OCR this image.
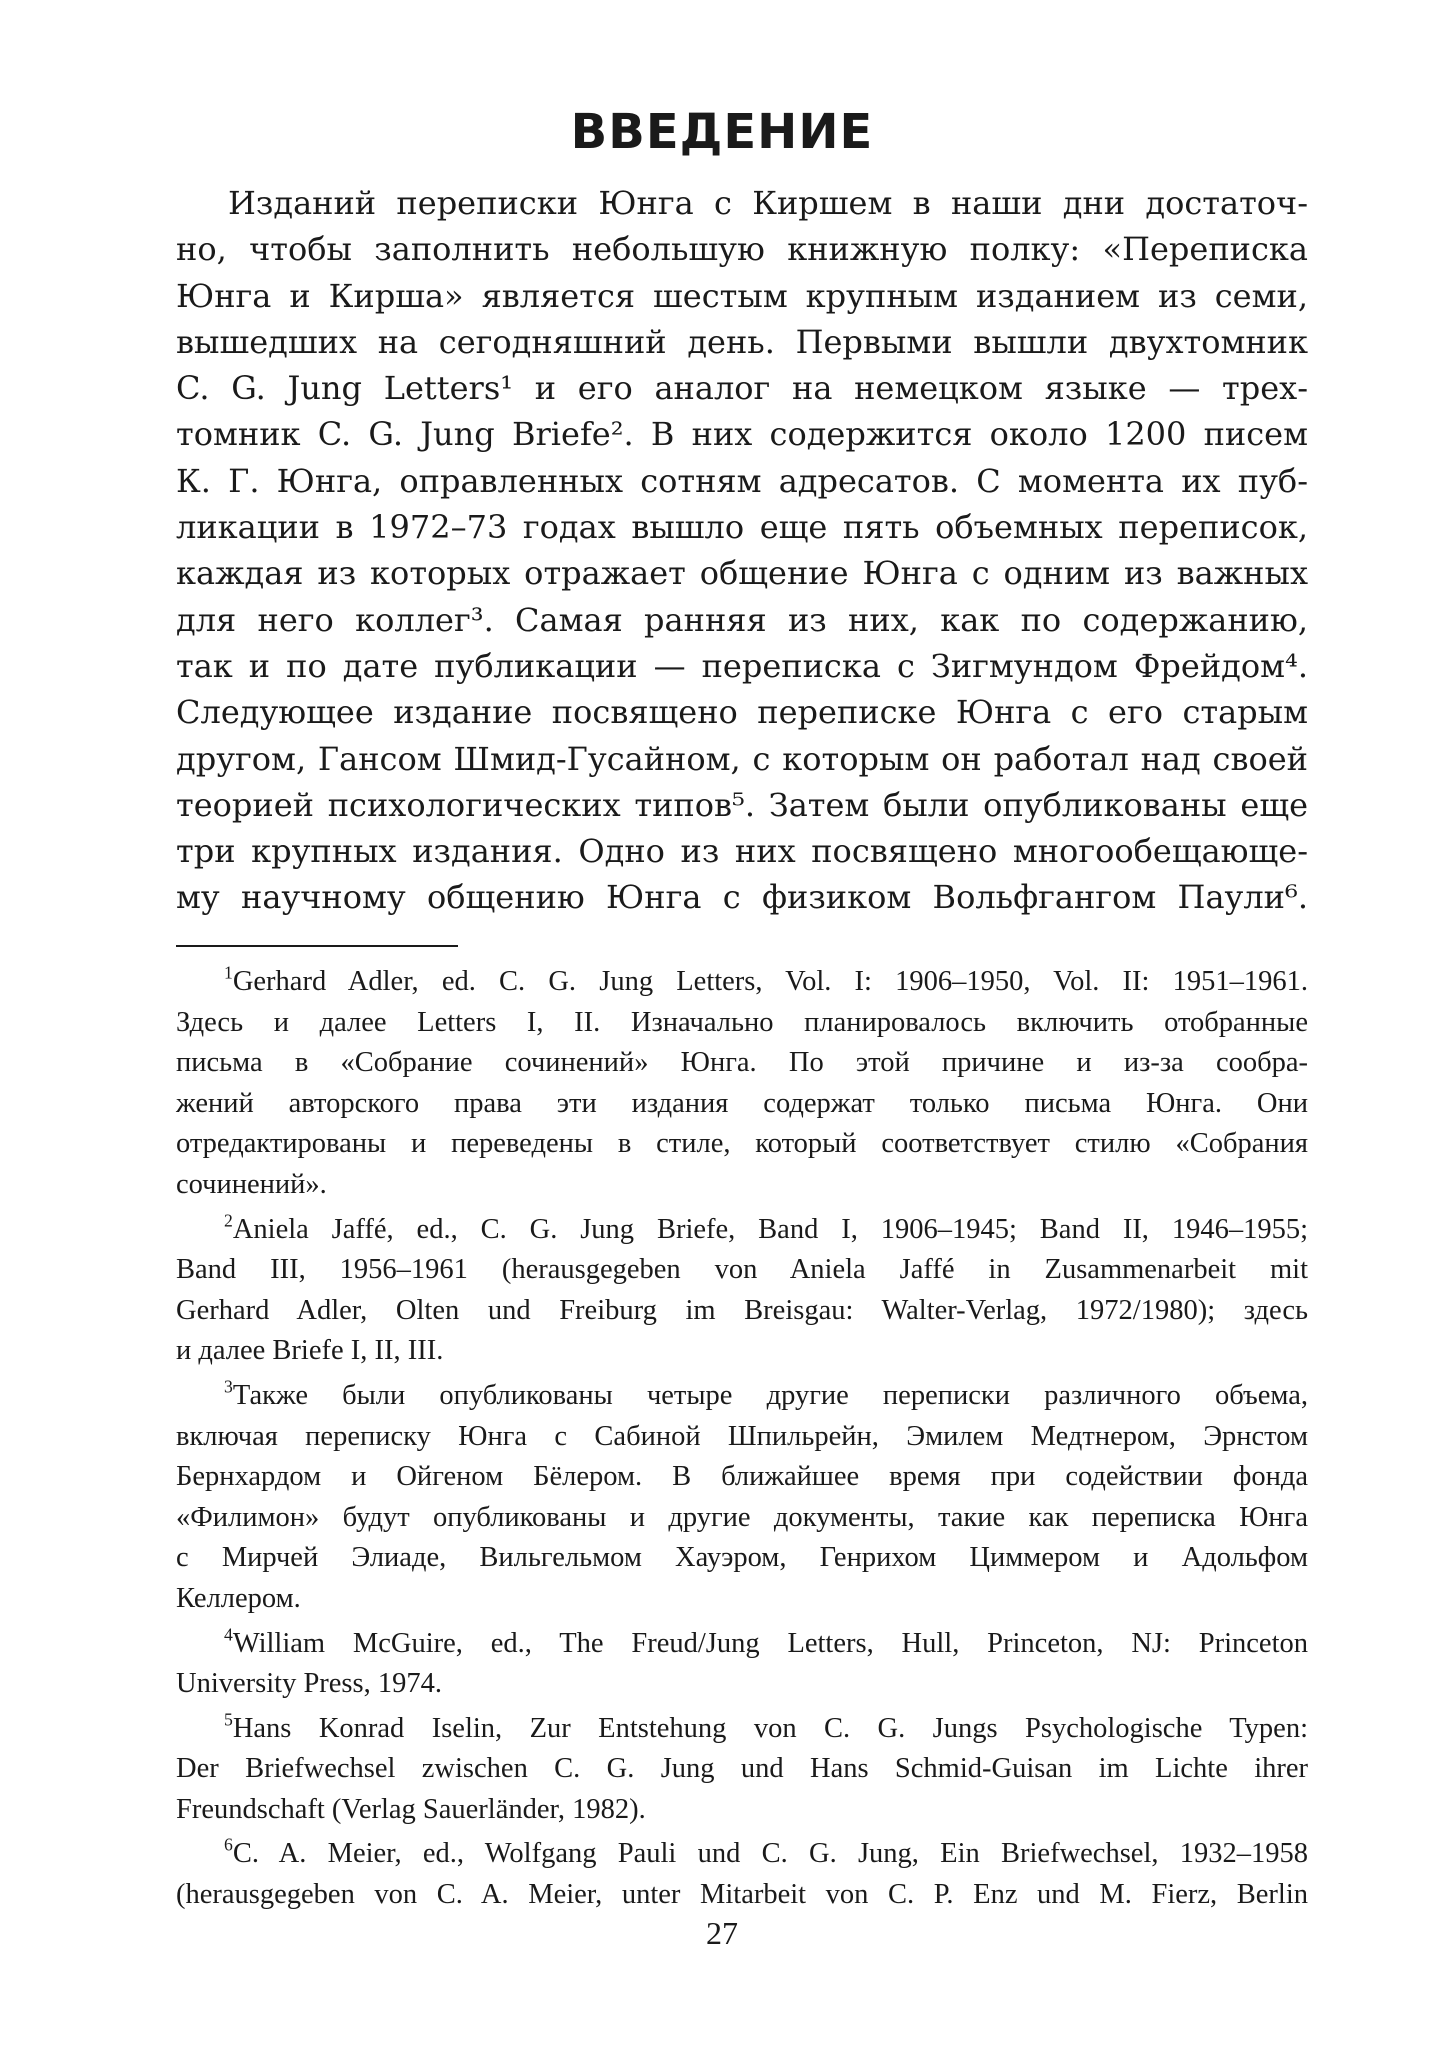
ВВЕДЕНИЕ
Изданий переписки Юнга с Киршем в наши дни достаточ-
но, чтобы заполнить небольшую книжную полку: «Переписка
Юнга и Кирша» является шестым крупным изданием из семи,
вышедших на сегодняшний день. Первыми вышли двухтомник
C. G. Jung Letters¹ и его аналог на немецком языке — трех-
томник C. G. Jung Briefe². В них содержится около 1200 писем
К. Г. Юнга, оправленных сотням адресатов. С момента их пуб-
ликации в 1972–73 годах вышло еще пять объемных переписок,
каждая из которых отражает общение Юнга с одним из важных
для него коллег³. Самая ранняя из них, как по содержанию,
так и по дате публикации — переписка с Зигмундом Фрейдом⁴.
Следующее издание посвящено переписке Юнга с его старым
другом, Гансом Шмид-Гусайном, с которым он работал над своей
теорией психологических типов⁵. Затем были опубликованы еще
три крупных издания. Одно из них посвящено многообещающе-
му научному общению Юнга с физиком Вольфгангом Паули⁶.
$^1$Gerhard Adler, ed. C. G. Jung Letters, Vol. I: 1906–1950, Vol. II: 1951–1961.
Здесь и далее Letters I, II. Изначально планировалось включить отобранные
письма в «Собрание сочинений» Юнга. По этой причине и из-за сообра-
жений авторского права эти издания содержат только письма Юнга. Они
отредактированы и переведены в стиле, который соответствует стилю «Собрания
сочинений».
$^2$Aniela Jaffé, ed., C. G. Jung Briefe, Band I, 1906–1945; Band II, 1946–1955;
Band III, 1956–1961 (herausgegeben von Aniela Jaffé in Zusammenarbeit mit
Gerhard Adler, Olten und Freiburg im Breisgau: Walter-Verlag, 1972/1980); здесь
и далее Briefe I, II, III.
$^3$Также были опубликованы четыре другие переписки различного объема,
включая переписку Юнга с Сабиной Шпильрейн, Эмилем Медтнером, Эрнстом
Бернхардом и Ойгеном Бёлером. В ближайшее время при содействии фонда
«Филимон» будут опубликованы и другие документы, такие как переписка Юнга
с Мирчей Элиаде, Вильгельмом Хауэром, Генрихом Циммером и Адольфом
Келлером.
$^4$William McGuire, ed., The Freud/Jung Letters, Hull, Princeton, NJ: Princeton
University Press, 1974.
$^5$Hans Konrad Iselin, Zur Entstehung von C. G. Jungs Psychologische Typen:
Der Briefwechsel zwischen C. G. Jung und Hans Schmid-Guisan im Lichte ihrer
Freundschaft (Verlag Sauerländer, 1982).
$^6$C. A. Meier, ed., Wolfgang Pauli und C. G. Jung, Ein Briefwechsel, 1932–1958
(herausgegeben von C. A. Meier, unter Mitarbeit von C. P. Enz und M. Fierz, Berlin
27
